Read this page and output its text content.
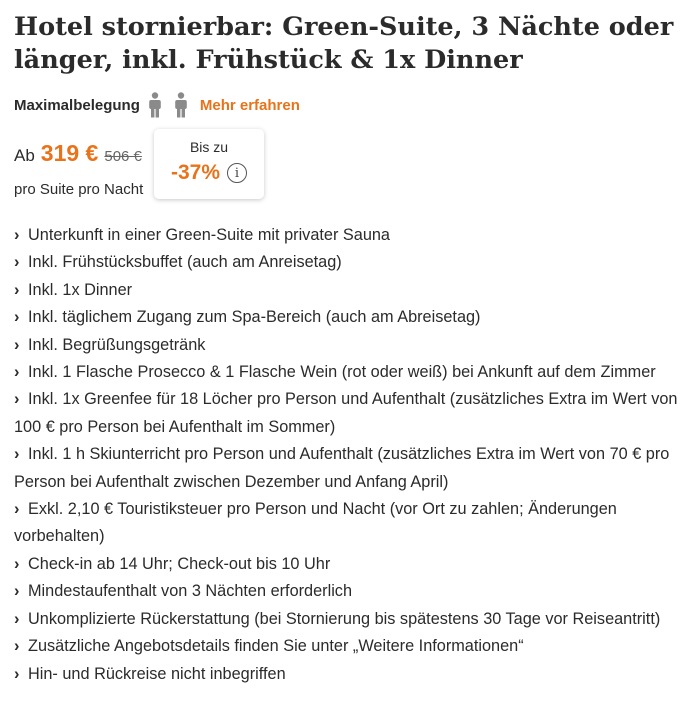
Hotel stornierbar: Green-Suite, 3 Nächte oder länger, inkl. Frühstück & 1x Dinner
Maximalbelegung	Mehr erfahren
Ab 319 € 506 €
pro Suite pro Nacht
Bis zu
-37%	i
› Unterkunft in einer Green-Suite mit privater Sauna
› Inkl. Frühstücksbuffet (auch am Anreisetag)
› Inkl. 1x Dinner
› Inkl. täglichem Zugang zum Spa-Bereich (auch am Abreisetag)
› Inkl. Begrüßungsgetränk
› Inkl. 1 Flasche Prosecco & 1 Flasche Wein (rot oder weiß) bei Ankunft auf dem Zimmer
› Inkl. 1x Greenfee für 18 Löcher pro Person und Aufenthalt (zusätzliches Extra im Wert von 100 € pro Person bei Aufenthalt im Sommer)
› Inkl. 1 h Skiunterricht pro Person und Aufenthalt (zusätzliches Extra im Wert von 70 € pro Person bei Aufenthalt zwischen Dezember und Anfang April)
› Exkl. 2,10 € Touristiksteuer pro Person und Nacht (vor Ort zu zahlen; Änderungen vorbehalten)
› Check-in ab 14 Uhr; Check-out bis 10 Uhr
› Mindestaufenthalt von 3 Nächten erforderlich
› Unkomplizierte Rückerstattung (bei Stornierung bis spätestens 30 Tage vor Reiseantritt)
› Zusätzliche Angebotsdetails finden Sie unter „Weitere Informationen“
› Hin- und Rückreise nicht inbegriffen
